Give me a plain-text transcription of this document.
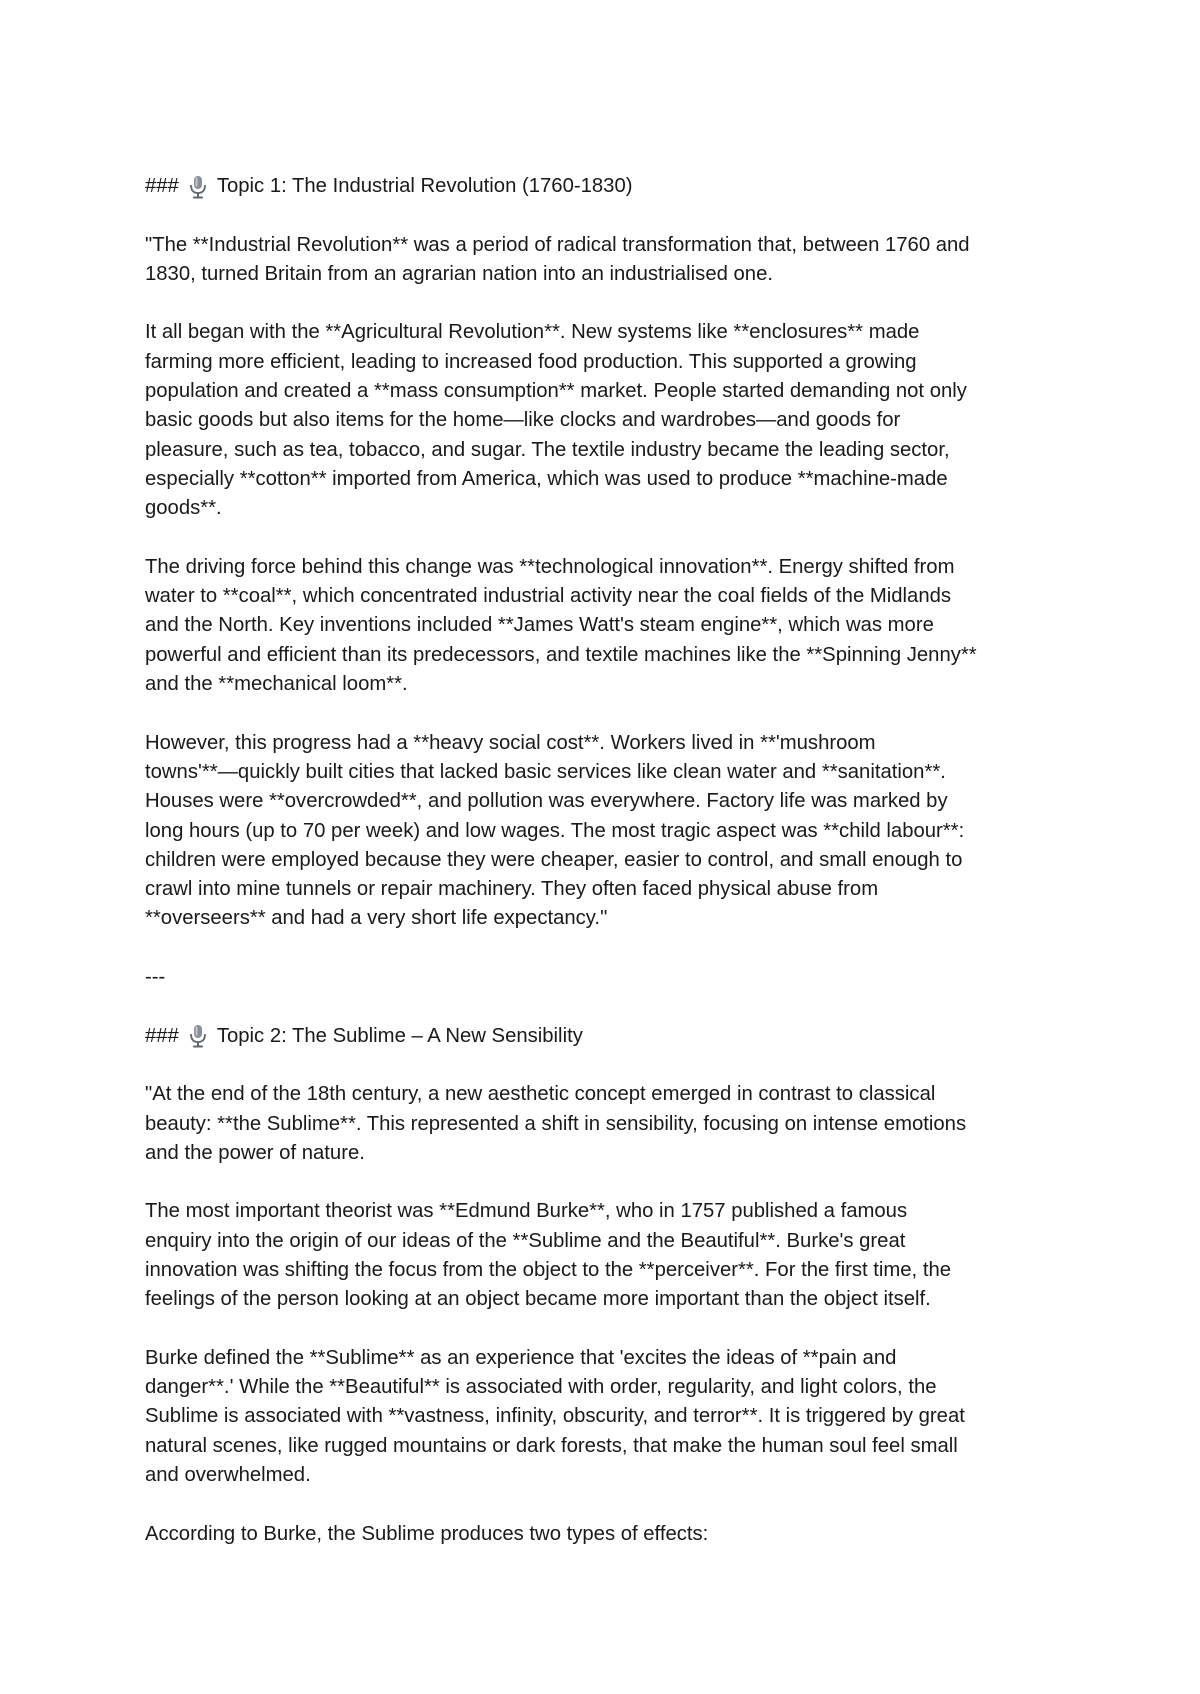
### Topic 1: The Industrial Revolution (1760-1830)

"The **Industrial Revolution** was a period of radical transformation that, between 1760 and
1830, turned Britain from an agrarian nation into an industrialised one.

It all began with the **Agricultural Revolution**. New systems like **enclosures** made
farming more efficient, leading to increased food production. This supported a growing
population and created a **mass consumption** market. People started demanding not only
basic goods but also items for the home—like clocks and wardrobes—and goods for
pleasure, such as tea, tobacco, and sugar. The textile industry became the leading sector,
especially **cotton** imported from America, which was used to produce **machine-made
goods**.

The driving force behind this change was **technological innovation**. Energy shifted from
water to **coal**, which concentrated industrial activity near the coal fields of the Midlands
and the North. Key inventions included **James Watt's steam engine**, which was more
powerful and efficient than its predecessors, and textile machines like the **Spinning Jenny**
and the **mechanical loom**.

However, this progress had a **heavy social cost**. Workers lived in **'mushroom
towns'**—quickly built cities that lacked basic services like clean water and **sanitation**.
Houses were **overcrowded**, and pollution was everywhere. Factory life was marked by
long hours (up to 70 per week) and low wages. The most tragic aspect was **child labour**:
children were employed because they were cheaper, easier to control, and small enough to
crawl into mine tunnels or repair machinery. They often faced physical abuse from
**overseers** and had a very short life expectancy."

---

### Topic 2: The Sublime – A New Sensibility

"At the end of the 18th century, a new aesthetic concept emerged in contrast to classical
beauty: **the Sublime**. This represented a shift in sensibility, focusing on intense emotions
and the power of nature.

The most important theorist was **Edmund Burke**, who in 1757 published a famous
enquiry into the origin of our ideas of the **Sublime and the Beautiful**. Burke's great
innovation was shifting the focus from the object to the **perceiver**. For the first time, the
feelings of the person looking at an object became more important than the object itself.

Burke defined the **Sublime** as an experience that 'excites the ideas of **pain and
danger**.' While the **Beautiful** is associated with order, regularity, and light colors, the
Sublime is associated with **vastness, infinity, obscurity, and terror**. It is triggered by great
natural scenes, like rugged mountains or dark forests, that make the human soul feel small
and overwhelmed.

According to Burke, the Sublime produces two types of effects:
